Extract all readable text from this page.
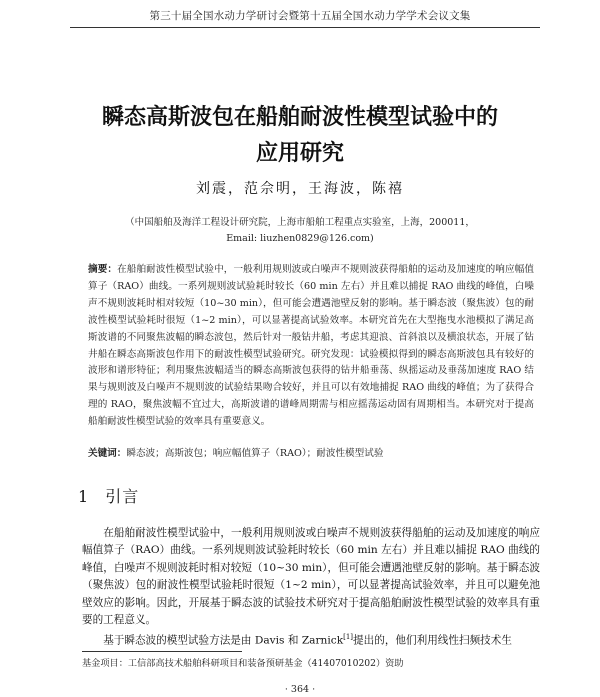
第三十届全国水动力学研讨会暨第十五届全国水动力学学术会议文集
瞬态高斯波包在船舶耐波性模型试验中的
应用研究
刘震，范佘明，王海波，陈禧
（中国船舶及海洋工程设计研究院，上海市船舶工程重点实验室，上海，200011，
Email: liuzhen0829@126.com)
摘要：在船舶耐波性模型试验中，一般利用规则波或白噪声不规则波获得船舶的运动及加速度的响应幅值算子（RAO）曲线。一系列规则波试验耗时较长（60 min 左右）并且难以捕捉 RAO 曲线的峰值，白噪声不规则波耗时相对较短（10~30 min），但可能会遭遇池壁反射的影响。基于瞬态波（聚焦波）包的耐波性模型试验耗时很短（1~2 min），可以显著提高试验效率。本研究首先在大型拖曳水池模拟了满足高斯波谱的不同聚焦波幅的瞬态波包，然后针对一般钻井船，考虑其迎浪、首斜浪以及横浪状态，开展了钻井船在瞬态高斯波包作用下的耐波性模型试验研究。研究发现：试验模拟得到的瞬态高斯波包具有较好的波形和谱形特征；利用聚焦波幅适当的瞬态高斯波包获得的钻井船垂荡、纵摇运动及垂荡加速度 RAO 结果与规则波及白噪声不规则波的试验结果吻合较好，并且可以有效地捕捉 RAO 曲线的峰值；为了获得合理的 RAO，聚焦波幅不宜过大，高斯波谱的谱峰周期需与相应摇荡运动固有周期相当。本研究对于提高船舶耐波性模型试验的效率具有重要意义。
关键词：瞬态波；高斯波包；响应幅值算子（RAO）；耐波性模型试验
1 引言
在船舶耐波性模型试验中，一般利用规则波或白噪声不规则波获得船舶的运动及加速度的响应幅值算子（RAO）曲线。一系列规则波试验耗时较长（60 min 左右）并且难以捕捉 RAO 曲线的峰值，白噪声不规则波耗时相对较短（10~30 min），但可能会遭遇池壁反射的影响。基于瞬态波（聚焦波）包的耐波性模型试验耗时很短（1~2 min），可以显著提高试验效率，并且可以避免池壁效应的影响。因此，开展基于瞬态波的试验技术研究对于提高船舶耐波性模型试验的效率具有重要的工程意义。
基于瞬态波的模型试验方法是由 Davis 和 Zarnick[1]提出的，他们利用线性扫频技术生
基金项目：工信部高技术船舶科研项目和装备预研基金（41407010202）资助
· 364 ·
